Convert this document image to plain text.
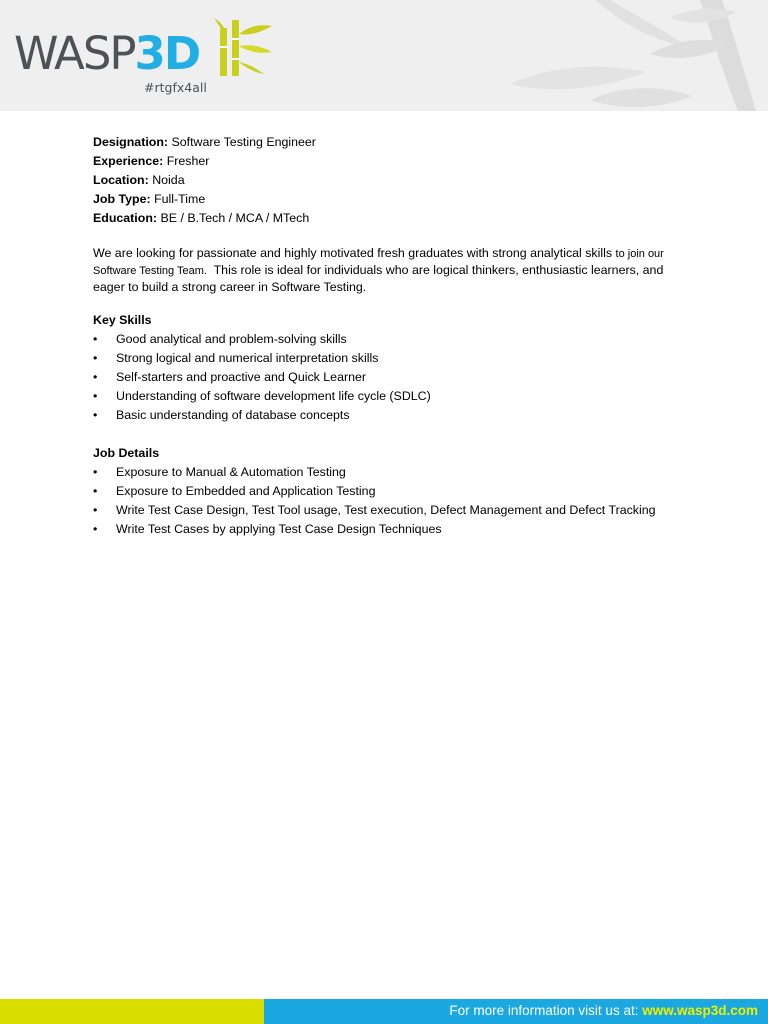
WASP3D
#rtgfx4all

Designation: Software Testing Engineer

Experience: Fresher

Location: Noida

Job Type: Full-Time

Education: BE / B.Tech / MCA / MTech

We are looking for passionate and highly motivated fresh graduates with strong analytical skills to join our Software Testing Team. This role is ideal for individuals who are logical thinkers, enthusiastic learners, and eager to build a strong career in Software Testing.

Key Skills

• Good analytical and problem-solving skills
• Strong logical and numerical interpretation skills
• Self-starters and proactive and Quick Learner
• Understanding of software development life cycle (SDLC)
• Basic understanding of database concepts

Job Details

• Exposure to Manual & Automation Testing
• Exposure to Embedded and Application Testing
• Write Test Case Design, Test Tool usage, Test execution, Defect Management and Defect Tracking
• Write Test Cases by applying Test Case Design Techniques
For more information visit us at: www.wasp3d.com
